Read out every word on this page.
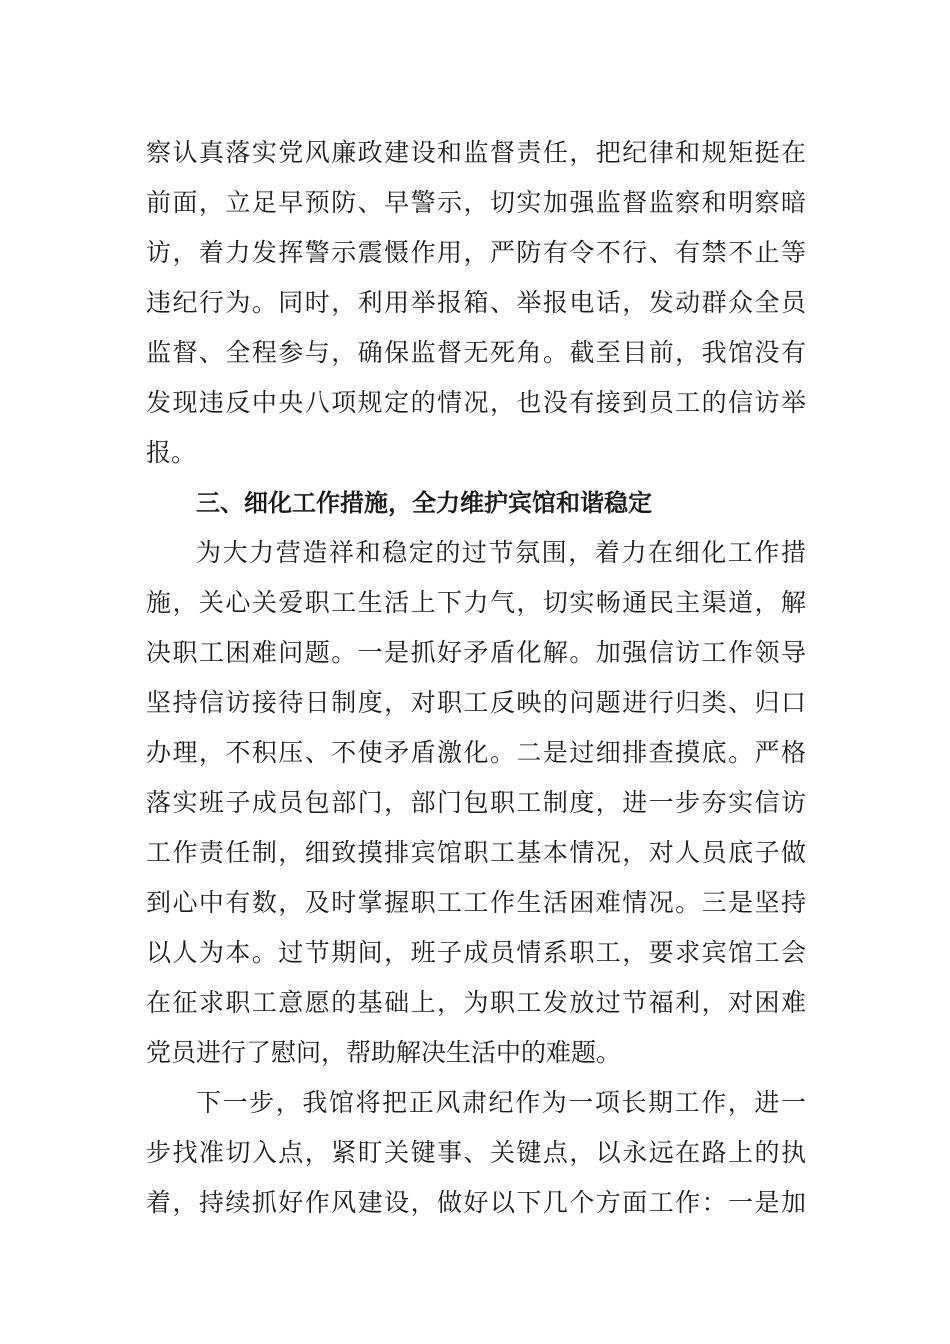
察认真落实党风廉政建设和监督责任，把纪律和规矩挺在
前面，立足早预防、早警示，切实加强监督监察和明察暗
访，着力发挥警示震慑作用，严防有令不行、有禁不止等
违纪行为。同时，利用举报箱、举报电话，发动群众全员
监督、全程参与，确保监督无死角。截至目前，我馆没有
发现违反中央八项规定的情况，也没有接到员工的信访举
报。
三、细化工作措施，全力维护宾馆和谐稳定
为大力营造祥和稳定的过节氛围，着力在细化工作措
施，关心关爱职工生活上下力气，切实畅通民主渠道，解
决职工困难问题。一是抓好矛盾化解。加强信访工作领导
坚持信访接待日制度，对职工反映的问题进行归类、归口
办理，不积压、不使矛盾激化。二是过细排查摸底。严格
落实班子成员包部门，部门包职工制度，进一步夯实信访
工作责任制，细致摸排宾馆职工基本情况，对人员底子做
到心中有数，及时掌握职工工作生活困难情况。三是坚持
以人为本。过节期间，班子成员情系职工，要求宾馆工会
在征求职工意愿的基础上，为职工发放过节福利，对困难
党员进行了慰问，帮助解决生活中的难题。
下一步，我馆将把正风肃纪作为一项长期工作，进一
步找准切入点，紧盯关键事、关键点，以永远在路上的执
着，持续抓好作风建设，做好以下几个方面工作：一是加
